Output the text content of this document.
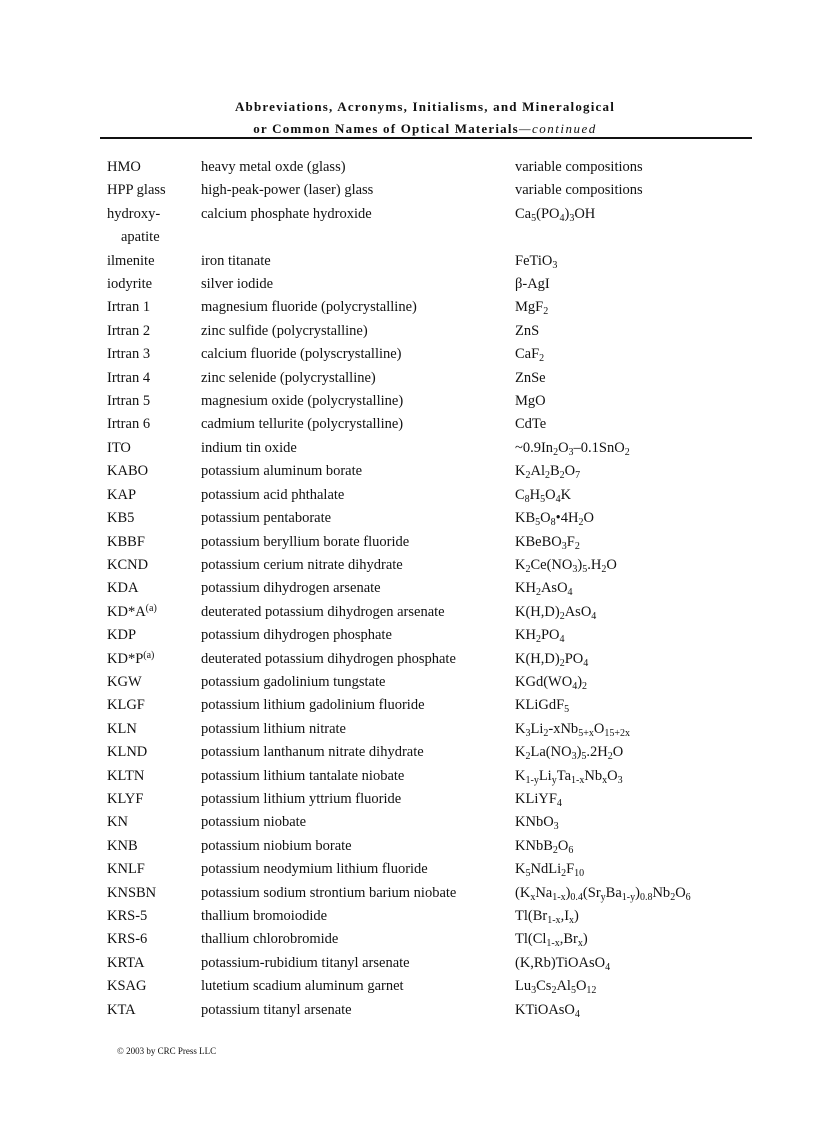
Abbreviations, Acronyms, Initialisms, and Mineralogical
or Common Names of Optical Materials—continued
HMO	heavy metal oxde (glass)	variable compositions
HPP glass	high-peak-power (laser) glass	variable compositions
hydroxy-	calcium phosphate hydroxide	$Ca_5(PO_4)_3OH$
apatite
ilmenite	iron titanate	FeTiO$_3$
iodyrite	silver iodide	β-AgI
Irtran 1	magnesium fluoride (polycrystalline)	MgF$_2$
Irtran 2	zinc sulfide (polycrystalline)	ZnS
Irtran 3	calcium fluoride (polyscrystalline)	CaF$_2$
Irtran 4	zinc selenide (polycrystalline)	ZnSe
Irtran 5	magnesium oxide (polycrystalline)	MgO
Irtran 6	cadmium tellurite (polycrystalline)	CdTe
ITO	indium tin oxide	$\sim 0.9In_2O_3-0.1SnO_2$
KABO	potassium aluminum borate	$K_2Al_2B_2O_7$
KAP	potassium acid phthalate	$C_8H_5O_4K$
KB5	potassium pentaborate	$KB_5O_8•4H_2O$
KBBF	potassium beryllium borate fluoride	$KBeBO_3F_2$
KCND	potassium cerium nitrate dihydrate	$K_2Ce(NO_3)_5.H_2O$
KDA	potassium dihydrogen arsenate	$KH_2AsO_4$
$KD*A^{(a)}$	deuterated potassium dihydrogen arsenate	$K(H,D)_2AsO_4$
KDP	potassium dihydrogen phosphate	$KH_2PO_4$
$KD*P^{(a)}$	deuterated potassium dihydrogen phosphate	$K(H,D)_2PO_4$
KGW	potassium gadolinium tungstate	$KGd(WO_4)_2$
KLGF	potassium lithium gadolinium fluoride	KLiGdF$_5$
KLN	potassium lithium nitrate	$K_3Li_2-xNb_{5+x}O_{15+2x}$
KLND	potassium lanthanum nitrate dihydrate	$K_2La(NO_3)_5.2H_2O$
KLTN	potassium lithium tantalate niobate	$K_{1-y}Li_yTa_{1-x}Nb_xO_3$
KLYF	potassium lithium yttrium fluoride	KLiYF$_4$
KN	potassium niobate	KNbO$_3$
KNB	potassium niobium borate	$KNbB_2O_6$
KNLF	potassium neodymium lithium fluoride	$K_5NdLi_2F_{10}$
KNSBN	potassium sodium strontium barium niobate	$(K_xNa_{1-x})_{0.4}(Sr_yBa_{1-y})_{0.8}Nb_2O_6$
KRS-5	thallium bromoiodide	$Tl(Br_{1-x},I_x)$
KRS-6	thallium chlorobromide	$Tl(Cl_{1-x},Br_x)$
KRTA	potassium-rubidium titanyl arsenate	(K,Rb)TiOAsO$_4$
KSAG	lutetium scadium aluminum garnet	$Lu_3Cs_2Al_5O_{12}$
KTA	potassium titanyl arsenate	KTiOAsO$_4$
© 2003 by CRC Press LLC
